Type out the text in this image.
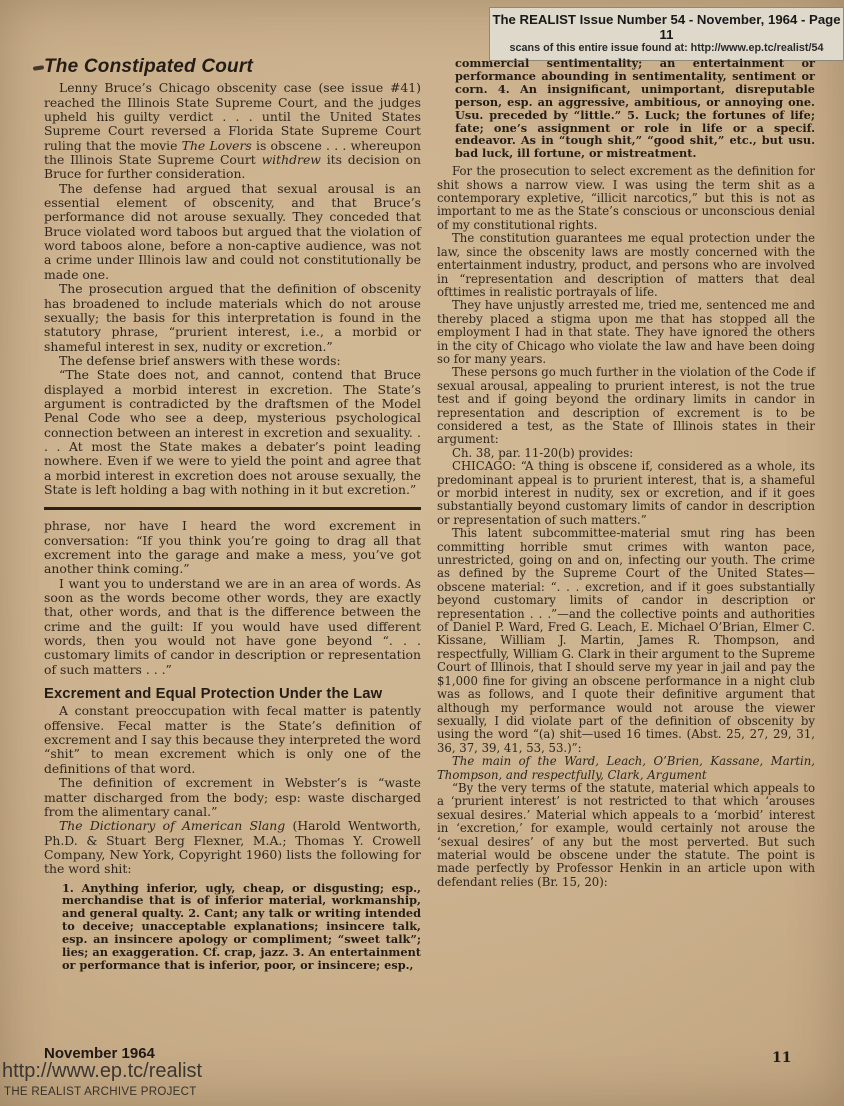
The REALIST Issue Number 54 - November, 1964 - Page 11
scans of this entire issue found at: http://www.ep.tc/realist/54
The Constipated Court

Lenny Bruce’s Chicago obscenity case (see issue #41) reached the Illinois State Supreme Court, and the judges upheld his guilty verdict . . . until the United States Supreme Court reversed a Florida State Supreme Court ruling that the movie The Lovers is obscene . . . whereupon the Illinois State Supreme Court withdrew its decision on Bruce for further consideration.

The defense had argued that sexual arousal is an essential element of obscenity, and that Bruce’s performance did not arouse sexually. They conceded that Bruce violated word taboos but argued that the violation of word taboos alone, before a non-captive audience, was not a crime under Illinois law and could not constitutionally be made one.

The prosecution argued that the definition of obscenity has broadened to include materials which do not arouse sexually; the basis for this interpretation is found in the statutory phrase, “prurient interest, i.e., a morbid or shameful interest in sex, nudity or excretion.”

The defense brief answers with these words:

“The State does not, and cannot, contend that Bruce displayed a morbid interest in excretion. The State’s argument is contradicted by the draftsmen of the Model Penal Code who see a deep, mysterious psychological connection between an interest in excretion and sexuality. . . . At most the State makes a debater’s point leading nowhere. Even if we were to yield the point and agree that a morbid interest in excretion does not arouse sexually, the State is left holding a bag with nothing in it but excretion.”

phrase, nor have I heard the word excrement in conversation: “If you think you’re going to drag all that excrement into the garage and make a mess, you’ve got another think coming.”

I want you to understand we are in an area of words. As soon as the words become other words, they are exactly that, other words, and that is the difference between the crime and the guilt: If you would have used different words, then you would not have gone beyond “. . . customary limits of candor in description or representation of such matters . . .”

Excrement and Equal Protection Under the Law

A constant preoccupation with fecal matter is patently offensive. Fecal matter is the State’s definition of excrement and I say this because they interpreted the word “shit” to mean excrement which is only one of the definitions of that word.

The definition of excrement in Webster’s is “waste matter discharged from the body; esp: waste discharged from the alimentary canal.”

The Dictionary of American Slang (Harold Wentworth, Ph.D. & Stuart Berg Flexner, M.A.; Thomas Y. Crowell Company, New York, Copyright 1960) lists the following for the word shit:

1. Anything inferior, ugly, cheap, or disgusting; esp., merchandise that is of inferior material, workmanship, and general qualty. 2. Cant; any talk or writing intended to deceive; unacceptable explanations; insincere talk, esp. an insincere apology or compliment; “sweet talk”; lies; an exaggeration. Cf. crap, jazz. 3. An entertainment or performance that is inferior, poor, or insincere; esp.,
commercial sentimentality; an entertainment or performance abounding in sentimentality, sentiment or corn. 4. An insignificant, unimportant, disreputable person, esp. an aggressive, ambitious, or annoying one. Usu. preceded by “little.” 5. Luck; the fortunes of life; fate; one’s assignment or role in life or a specif. endeavor. As in “tough shit,” “good shit,” etc., but usu. bad luck, ill fortune, or mistreatment.

For the prosecution to select excrement as the definition for shit shows a narrow view. I was using the term shit as a contemporary expletive, “illicit narcotics,” but this is not as important to me as the State’s conscious or unconscious denial of my constitutional rights.

The constitution guarantees me equal protection under the law, since the obscenity laws are mostly concerned with the entertainment industry, product, and persons who are involved in “representation and description of matters that deal ofttimes in realistic portrayals of life.

They have unjustly arrested me, tried me, sentenced me and thereby placed a stigma upon me that has stopped all the employment I had in that state. They have ignored the others in the city of Chicago who violate the law and have been doing so for many years.

These persons go much further in the violation of the Code if sexual arousal, appealing to prurient interest, is not the true test and if going beyond the ordinary limits in candor in representation and description of excrement is to be considered a test, as the State of Illinois states in their argument:

Ch. 38, par. 11-20(b) provides:

CHICAGO: “A thing is obscene if, considered as a whole, its predominant appeal is to prurient interest, that is, a shameful or morbid interest in nudity, sex or excretion, and if it goes substantially beyond customary limits of candor in description or representation of such matters.”

This latent subcommittee-material smut ring has been committing horrible smut crimes with wanton pace, unrestricted, going on and on, infecting our youth. The crime as defined by the Supreme Court of the United States—obscene material: “. . . excretion, and if it goes substantially beyond customary limits of candor in description or representation . . .”—and the collective points and authorities of Daniel P. Ward, Fred G. Leach, E. Michael O’Brian, Elmer C. Kissane, William J. Martin, James R. Thompson, and respectfully, William G. Clark in their argument to the Supreme Court of Illinois, that I should serve my year in jail and pay the $1,000 fine for giving an obscene performance in a night club was as follows, and I quote their definitive argument that although my performance would not arouse the viewer sexually, I did violate part of the definition of obscenity by using the word “(a) shit—used 16 times. (Abst. 25, 27, 29, 31, 36, 37, 39, 41, 53, 53.)”:

The main of the Ward, Leach, O’Brien, Kassane, Martin, Thompson, and respectfully, Clark, Argument

“By the very terms of the statute, material which appeals to a ‘prurient interest’ is not restricted to that which ‘arouses sexual desires.’ Material which appeals to a ‘morbid’ interest in ‘excretion,’ for example, would certainly not arouse the ‘sexual desires’ of any but the most perverted. But such material would be obscene under the statute. The point is made perfectly by Professor Henkin in an article upon with defendant relies (Br. 15, 20):

November 1964	11
http://www.ep.tc/realist
THE REALIST ARCHIVE PROJECT
